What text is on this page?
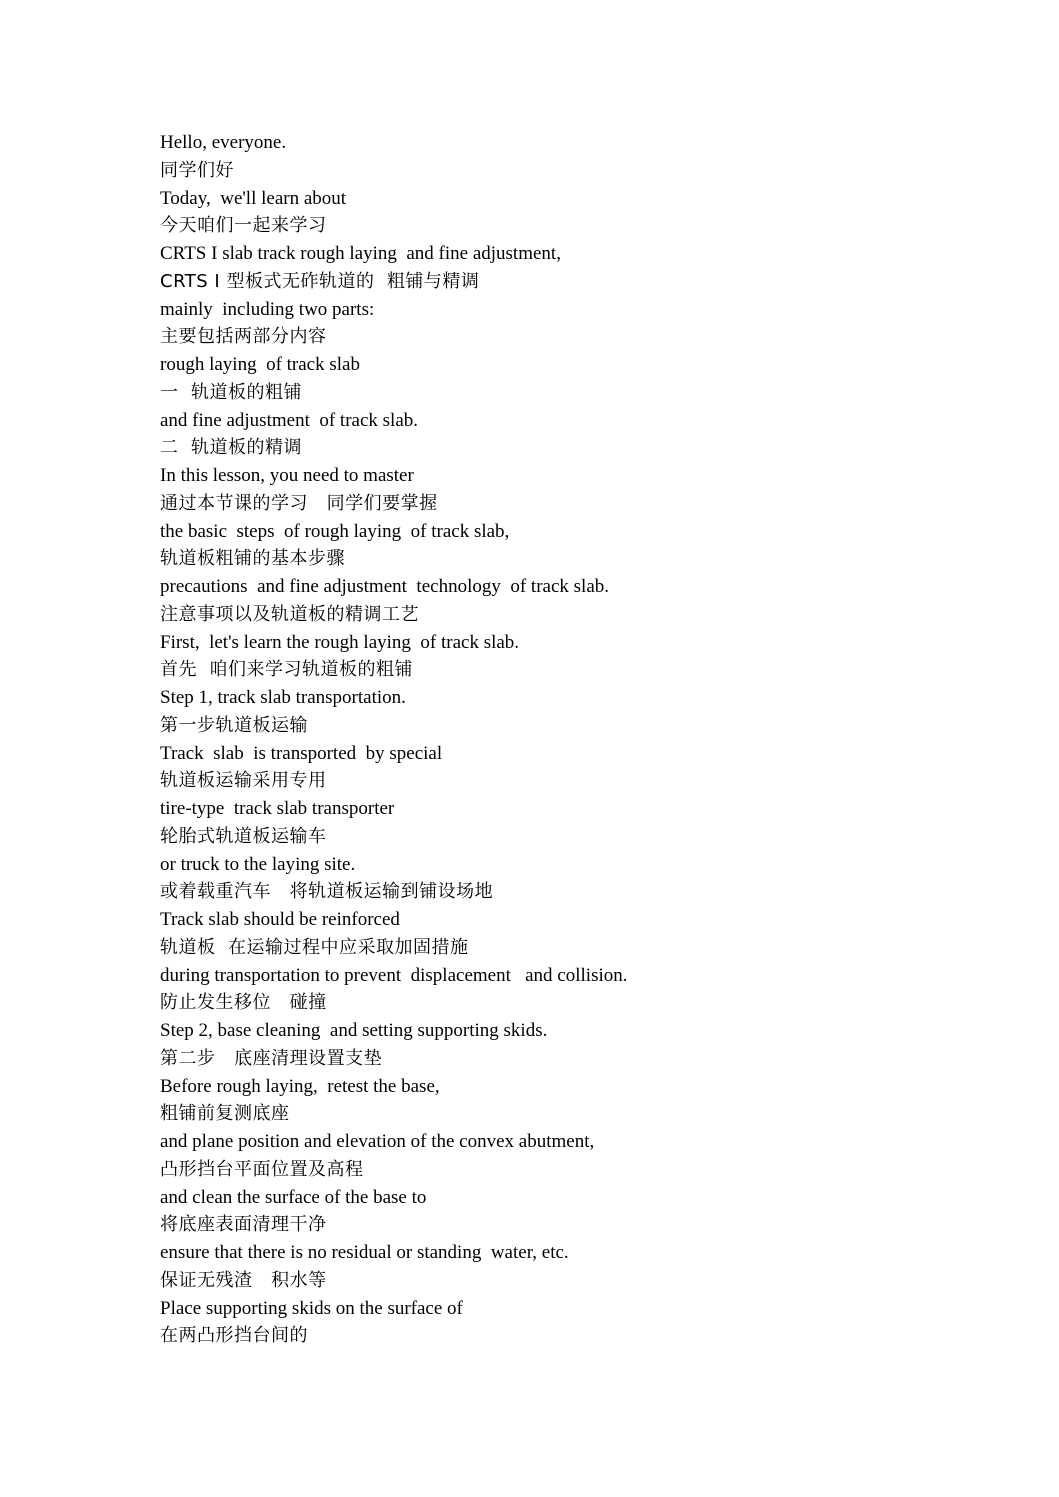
Hello, everyone.

同学们好

Today,  we'll learn about

今天咱们一起来学习

CRTS I slab track rough laying  and fine adjustment,

CRTS Ⅰ 型板式无砟轨道的  粗铺与精调

mainly  including two parts:

主要包括两部分内容

rough laying  of track slab

一  轨道板的粗铺

and fine adjustment  of track slab.

二  轨道板的精调

In this lesson, you need to master

通过本节课的学习   同学们要掌握

the basic  steps  of rough laying  of track slab,

轨道板粗铺的基本步骤

precautions  and fine adjustment  technology  of track slab.

注意事项以及轨道板的精调工艺

First,  let's learn the rough laying  of track slab.

首先  咱们来学习轨道板的粗铺

Step 1, track slab transportation.

第一步轨道板运输

Track  slab  is transported  by special

轨道板运输采用专用

tire-type  track slab transporter

轮胎式轨道板运输车

or truck to the laying site.

或着载重汽车   将轨道板运输到铺设场地

Track slab should be reinforced

轨道板  在运输过程中应采取加固措施

during transportation to prevent  displacement   and collision.

防止发生移位   碰撞

Step 2, base cleaning  and setting supporting skids.

第二步   底座清理设置支垫

Before rough laying,  retest the base,

粗铺前复测底座

and plane position and elevation of the convex abutment,

凸形挡台平面位置及高程

and clean the surface of the base to

将底座表面清理干净

ensure that there is no residual or standing  water, etc.

保证无残渣   积水等

Place supporting skids on the surface of

在两凸形挡台间的
